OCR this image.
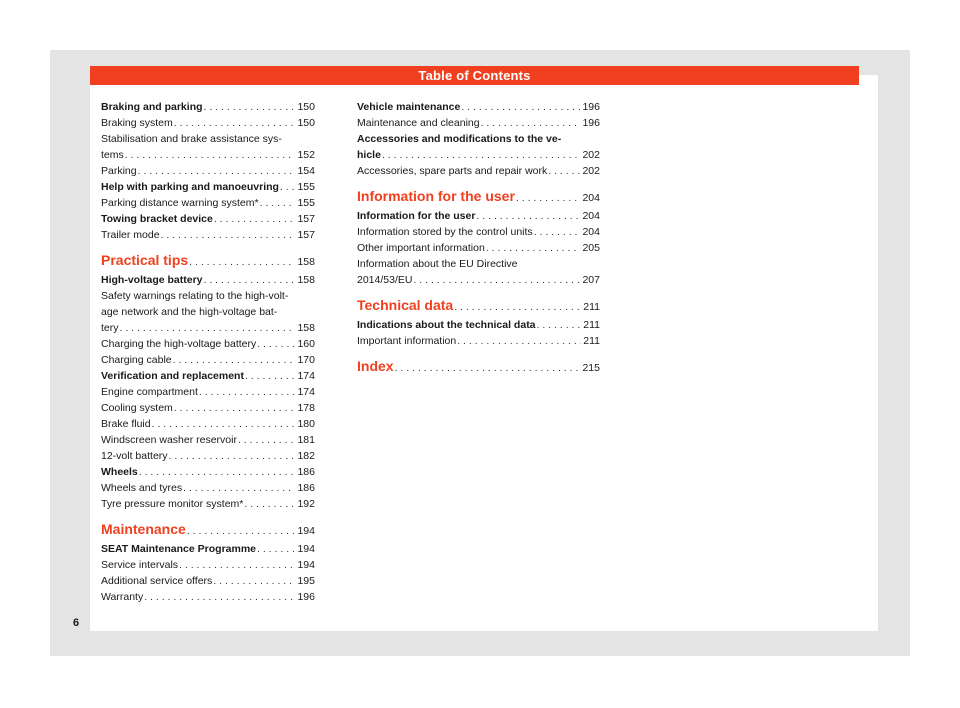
Table of Contents
Braking and parking . . .	150
Braking system . . .	150
Stabilisation and brake assistance sys-
tems . . .	152
Parking . . .	154
Help with parking and manoeuvring . . . 155
Parking distance warning system* . . .	155
Towing bracket device . . .	157
Trailer mode . . .	157
Practical tips . . .	158
High-voltage battery . . .	158
Safety warnings relating to the high-volt-
age network and the high-voltage bat-
tery . . .	158
Charging the high-voltage battery . . .	160
Charging cable . . .	170
Verification and replacement . . .	174
Engine compartment . . .	174
Cooling system . . .	178
Brake fluid . . .	180
Windscreen washer reservoir . . .	181
12-volt battery . . .	182
Wheels . . .	186
Wheels and tyres . . .	186
Tyre pressure monitor system* . . .	192
Maintenance . . .	194
SEAT Maintenance Programme . . .	194
Service intervals . . .	194
Additional service offers . . .	195
Warranty . . .	196
Vehicle maintenance . . .	196
Maintenance and cleaning . . .	196
Accessories and modifications to the ve-
hicle . . .	202
Accessories, spare parts and repair work . . .	202
Information for the user . . .	204
Information for the user . . .	204
Information stored by the control units . . .	204
Other important information . . .	205
Information about the EU Directive
2014/53/EU . . .	207
Technical data . . .	211
Indications about the technical data . . .	211
Important information . . .	211
Index . . .	215
6
